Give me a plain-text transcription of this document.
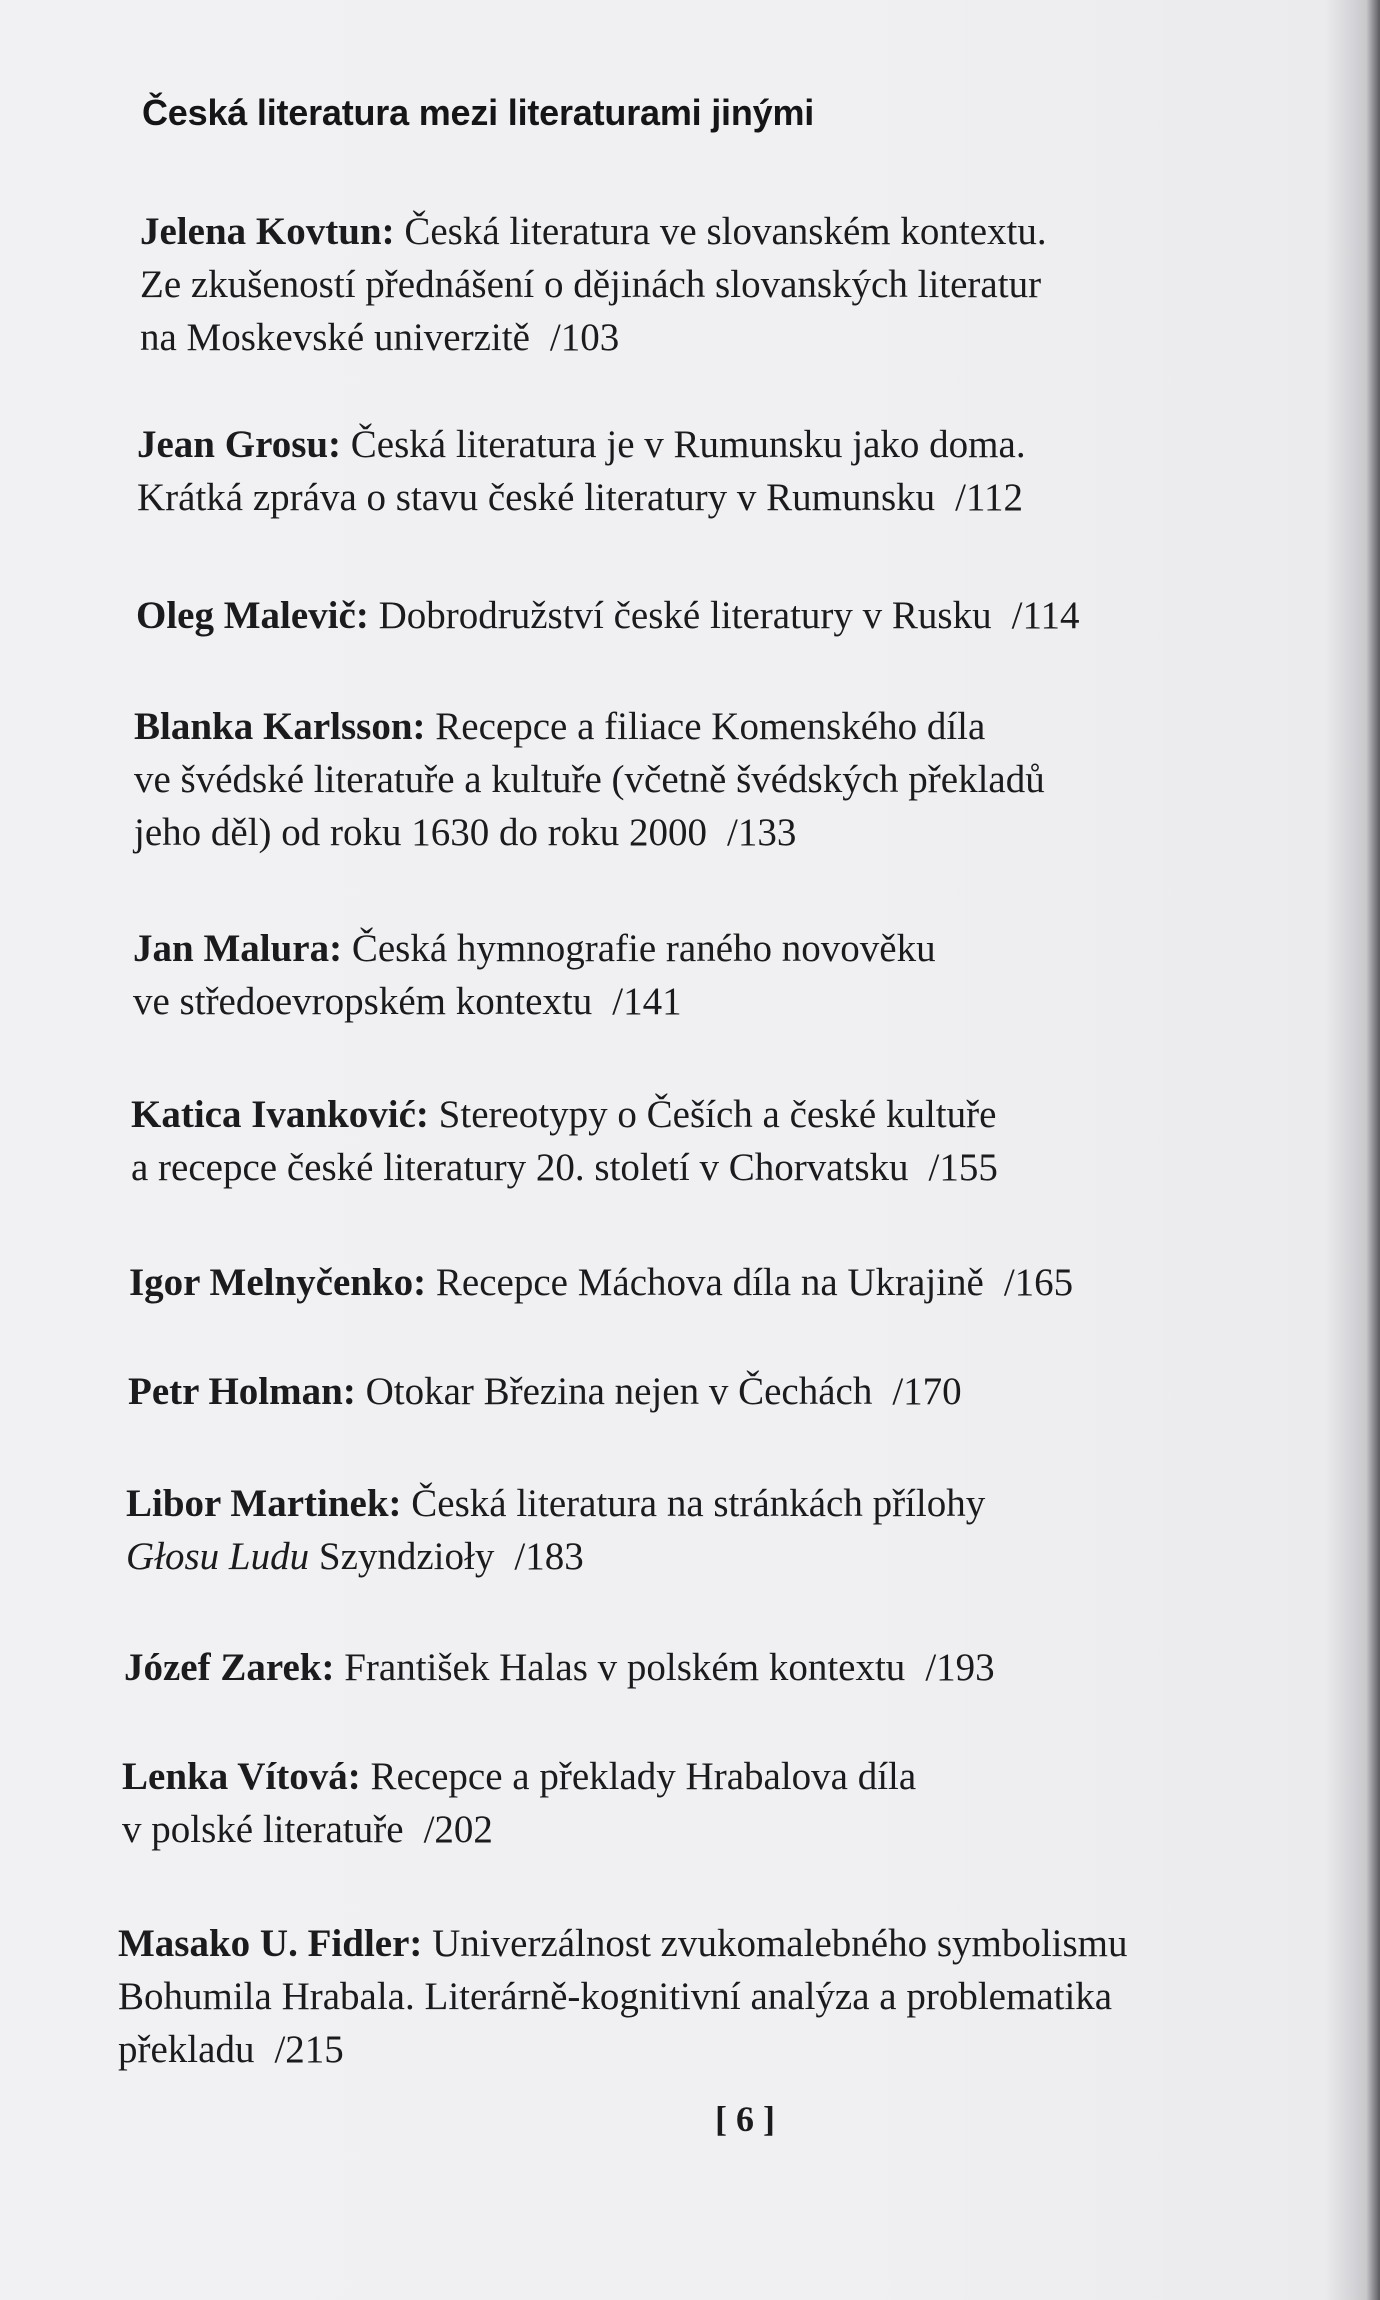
Česká literatura mezi literaturami jinými
Jelena Kovtun: Česká literatura ve slovanském kontextu.
Ze zkušeností přednášení o dějinách slovanských literatur
na Moskevské univerzitě /103
Jean Grosu: Česká literatura je v Rumunsku jako doma.
Krátká zpráva o stavu české literatury v Rumunsku /112
Oleg Malevič: Dobrodružství české literatury v Rusku /114
Blanka Karlsson: Recepce a filiace Komenského díla
ve švédské literatuře a kultuře (včetně švédských překladů
jeho děl) od roku 1630 do roku 2000 /133
Jan Malura: Česká hymnografie raného novověku
ve středoevropském kontextu /141
Katica Ivanković: Stereotypy o Češích a české kultuře
a recepce české literatury 20. století v Chorvatsku /155
Igor Melnyčenko: Recepce Máchova díla na Ukrajině /165
Petr Holman: Otokar Březina nejen v Čechách /170
Libor Martinek: Česká literatura na stránkách přílohy
Głosu Ludu Szyndzioły /183
Józef Zarek: František Halas v polském kontextu /193
Lenka Vítová: Recepce a překlady Hrabalova díla
v polské literatuře /202
Masako U. Fidler: Univerzálnost zvukomalebného symbolismu
Bohumila Hrabala. Literárně-kognitivní analýza a problematika
překladu /215
[ 6 ]
